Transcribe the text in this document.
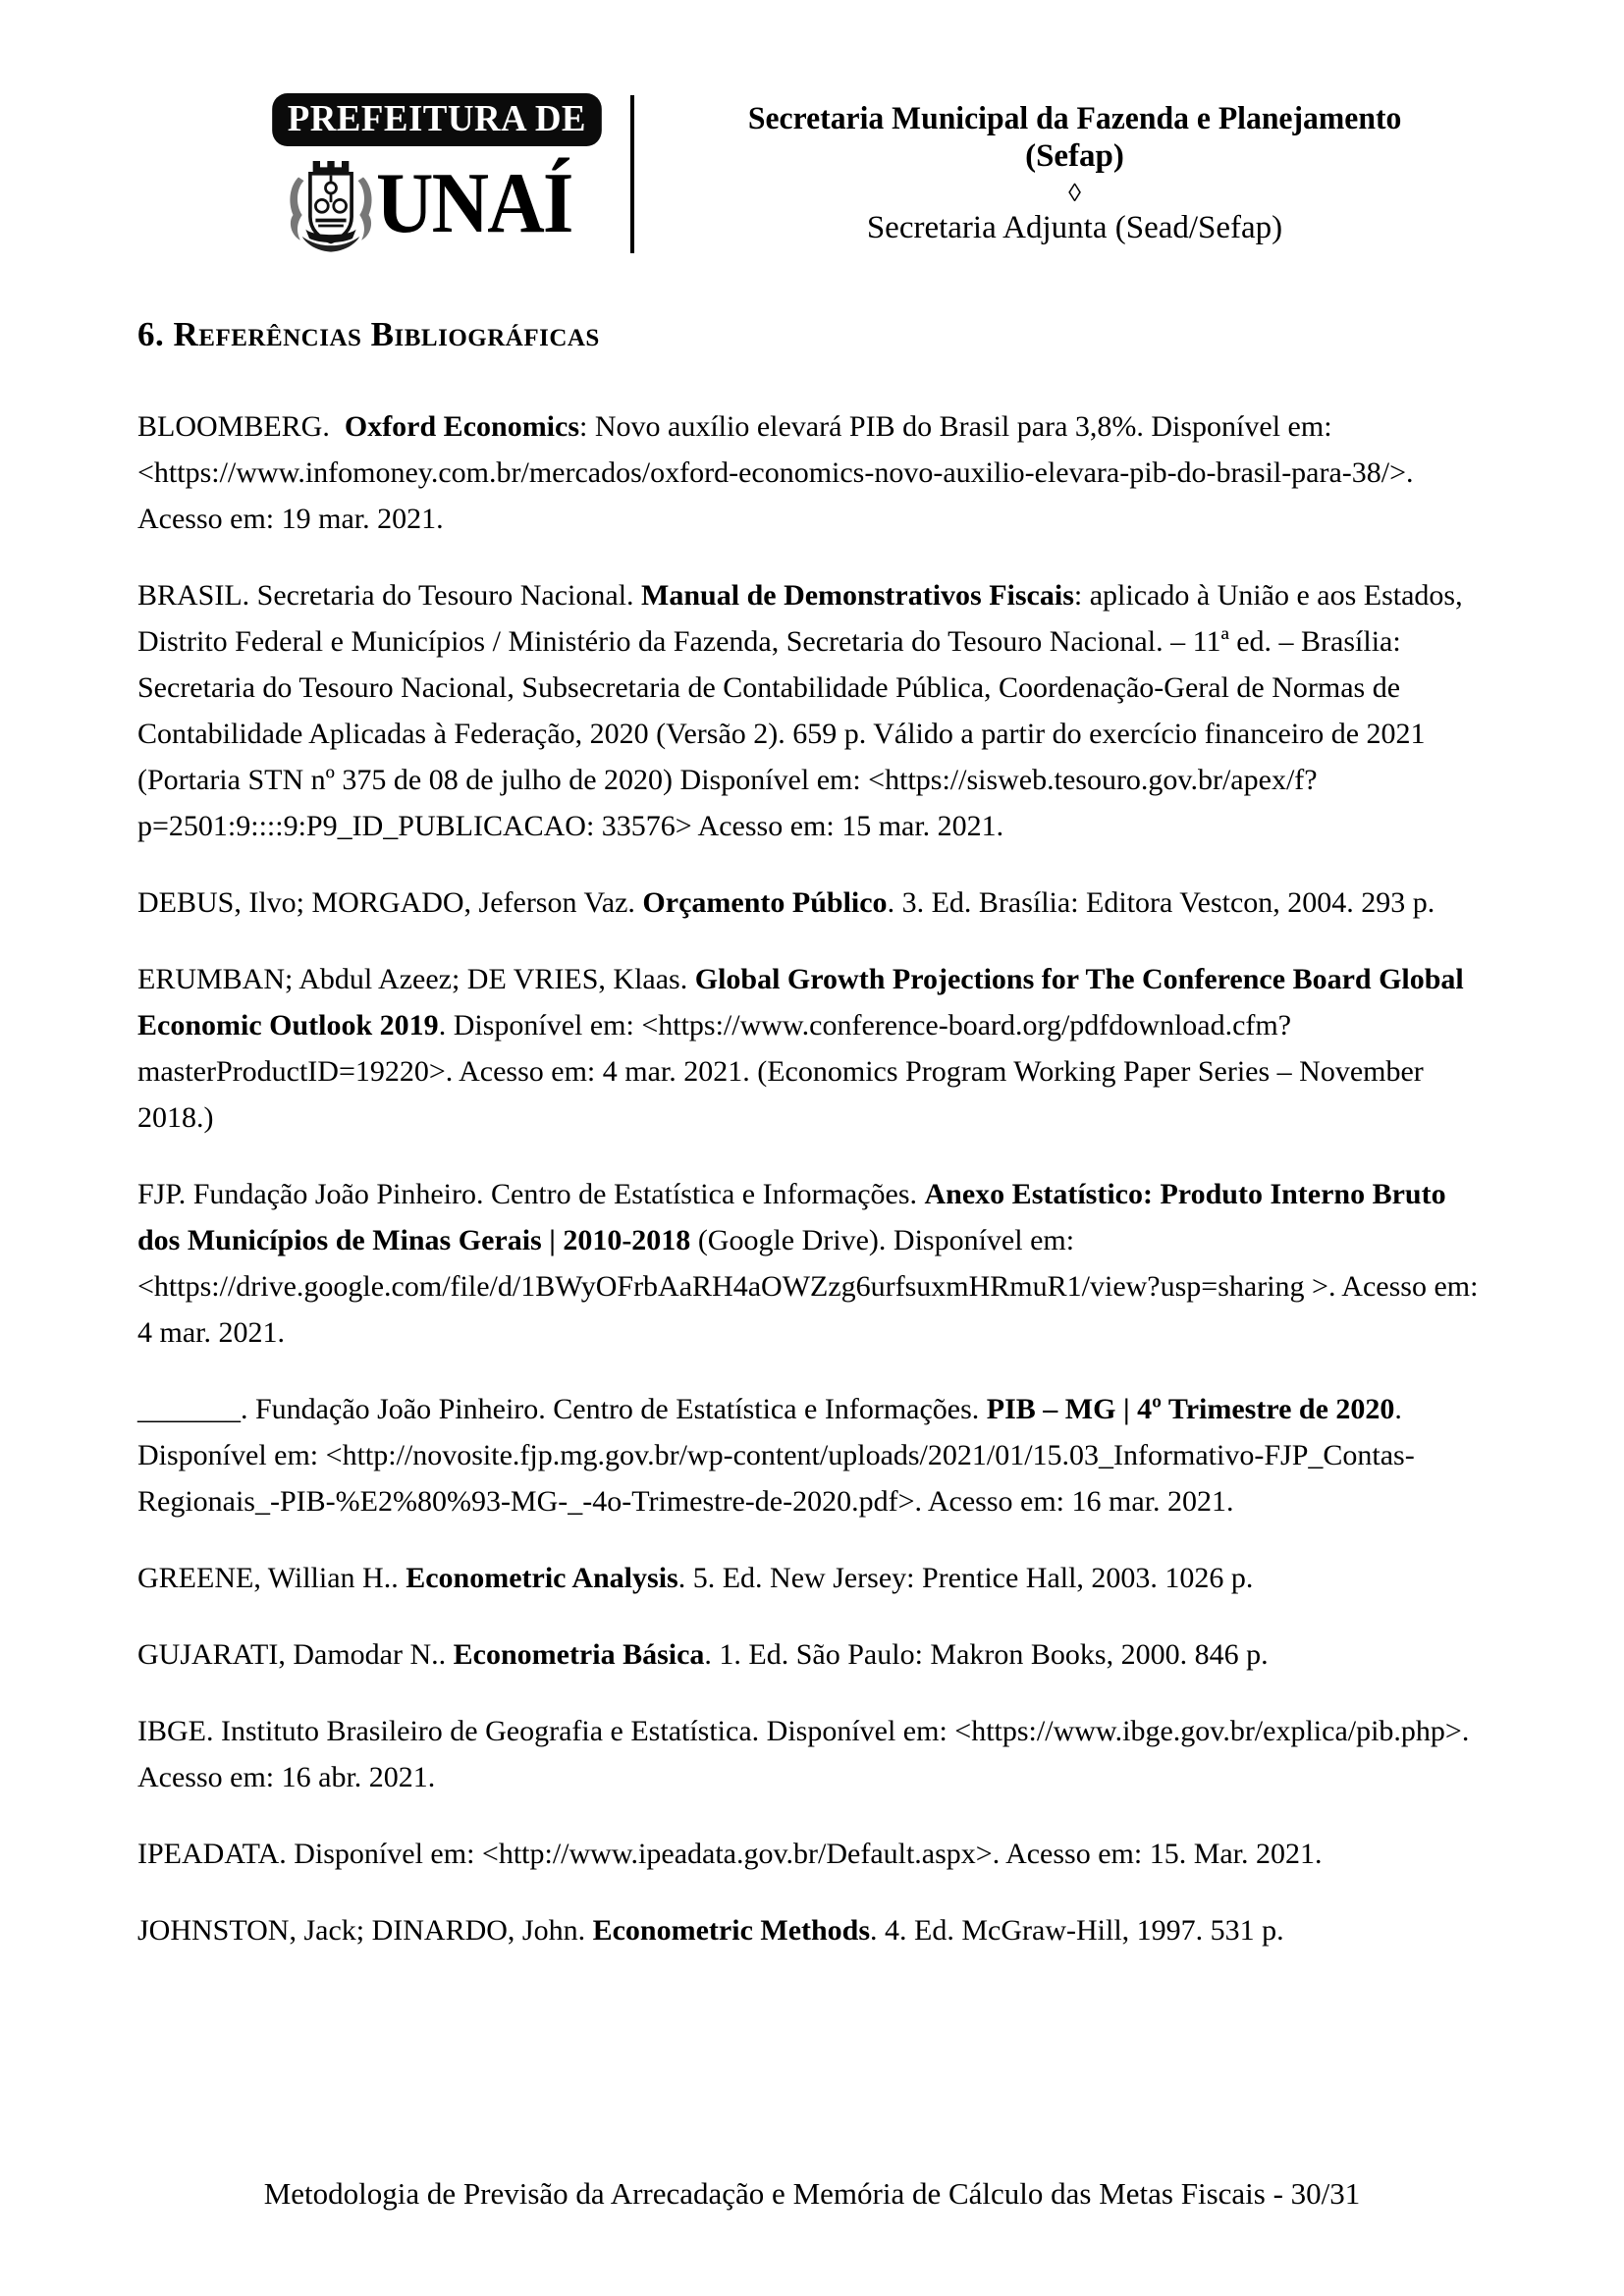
PREFEITURA DE
UNAÍ
Secretaria Municipal da Fazenda e Planejamento
(Sefap)
◊
Secretaria Adjunta (Sead/Sefap)
6. Referências Bibliográficas

BLOOMBERG.  Oxford Economics: Novo auxílio elevará PIB do Brasil para 3,8%. Disponível em: <https://www.infomoney.com.br/mercados/oxford-economics-novo-auxilio-elevara-pib-do-brasil-para-38/>. Acesso em: 19 mar. 2021.

BRASIL. Secretaria do Tesouro Nacional. Manual de Demonstrativos Fiscais: aplicado à União e aos Estados, Distrito Federal e Municípios / Ministério da Fazenda, Secretaria do Tesouro Nacional. – 11ª ed. – Brasília: Secretaria do Tesouro Nacional, Subsecretaria de Contabilidade Pública, Coordenação-Geral de Normas de Contabilidade Aplicadas à Federação, 2020 (Versão 2). 659 p. Válido a partir do exercício financeiro de 2021 (Portaria STN nº 375 de 08 de julho de 2020) Disponível em: <https://sisweb.tesouro.gov.br/apex/f?p=2501:9::::9:P9_ID_PUBLICACAO: 33576> Acesso em: 15 mar. 2021.

DEBUS, Ilvo; MORGADO, Jeferson Vaz. Orçamento Público. 3. Ed. Brasília: Editora Vestcon, 2004. 293 p.

ERUMBAN; Abdul Azeez; DE VRIES, Klaas. Global Growth Projections for The Conference Board Global Economic Outlook 2019. Disponível em: <https://www.conference-board.org/pdfdownload.cfm?masterProductID=19220>. Acesso em: 4 mar. 2021. (Economics Program Working Paper Series – November 2018.)

FJP. Fundação João Pinheiro. Centro de Estatística e Informações. Anexo Estatístico: Produto Interno Bruto dos Municípios de Minas Gerais | 2010-2018 (Google Drive). Disponível em: <https://drive.google.com/file/d/1BWyOFrbAaRH4aOWZzg6urfsuxmHRmuR1/view?usp=sharing >. Acesso em: 4 mar. 2021.

_______. Fundação João Pinheiro. Centro de Estatística e Informações. PIB – MG | 4º Trimestre de 2020. Disponível em: <http://novosite.fjp.mg.gov.br/wp-content/uploads/2021/01/15.03_Informativo-FJP_Contas-Regionais_-PIB-%E2%80%93-MG-_-4o-Trimestre-de-2020.pdf>. Acesso em: 16 mar. 2021.

GREENE, Willian H.. Econometric Analysis. 5. Ed. New Jersey: Prentice Hall, 2003. 1026 p.

GUJARATI, Damodar N.. Econometria Básica. 1. Ed. São Paulo: Makron Books, 2000. 846 p.

IBGE. Instituto Brasileiro de Geografia e Estatística. Disponível em: <https://www.ibge.gov.br/explica/pib.php>. Acesso em: 16 abr. 2021.

IPEADATA. Disponível em: <http://www.ipeadata.gov.br/Default.aspx>. Acesso em: 15. Mar. 2021.

JOHNSTON, Jack; DINARDO, John. Econometric Methods. 4. Ed. McGraw-Hill, 1997. 531 p.

Metodologia de Previsão da Arrecadação e Memória de Cálculo das Metas Fiscais - 30/31
